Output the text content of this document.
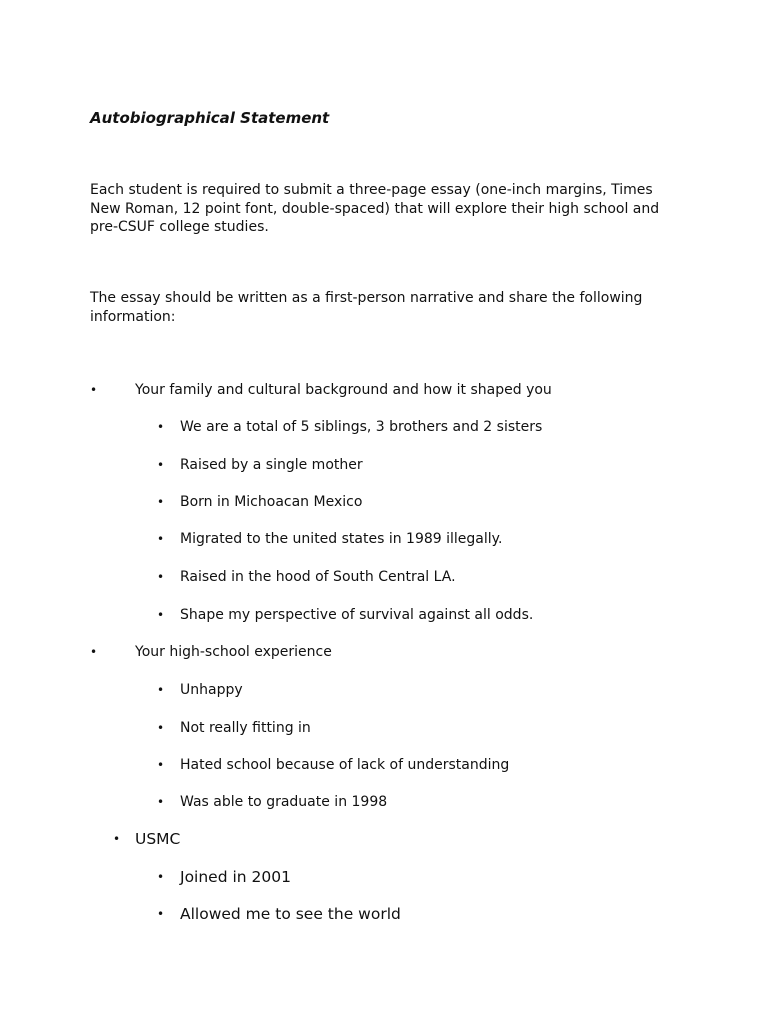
Autobiographical Statement

Each student is required to submit a three-page essay (one-inch margins, Times New Roman, 12 point font, double-spaced) that will explore their high school and pre-CSUF college studies.

The essay should be written as a first-person narrative and share the following information:

•	Your family and cultural background and how it shaped you
• We are a total of 5 siblings, 3 brothers and 2 sisters
• Raised by a single mother
• Born in Michoacan Mexico
• Migrated to the united states in 1989 illegally.
• Raised in the hood of South Central LA.
• Shape my perspective of survival against all odds.
•	Your high-school experience
• Unhappy
• Not really fitting in
• Hated school because of lack of understanding
• Was able to graduate in 1998
• USMC
• Joined in 2001
• Allowed me to see the world
